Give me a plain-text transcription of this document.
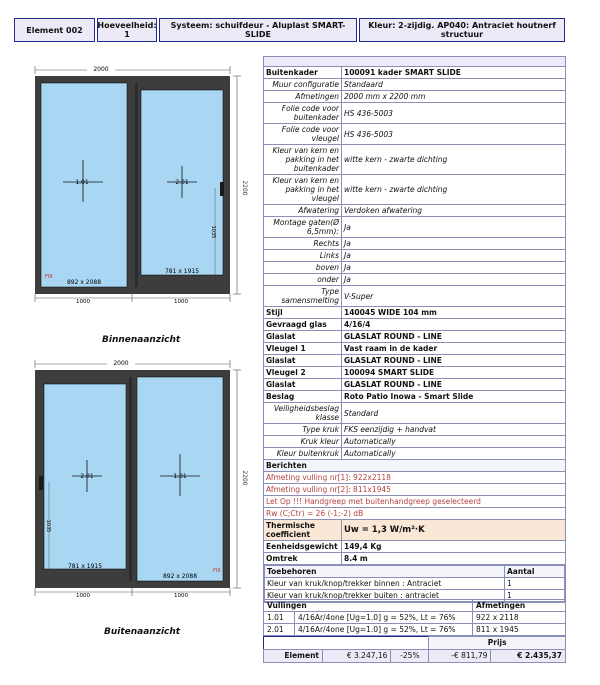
Element 002 Hoeveelheid:
1
Systeem: schuifdeur - Aluplast SMART-SLIDE
Kleur: 2-zijdig. AP040: Antraciet houtnerf structuur
2000
2200
1.01	2.01
892 x 2088
781 x 1915
FIX
1035
1000	1000
Binnenaanzicht
2000
2200
2.01	1.01
781 x 1915
892 x 2088
FIX
1035
1000	1000
Buitenaanzicht

Buitenkader	100091 kader SMART SLIDE
Muur configuratie	Standaard
Afmetingen	2000 mm x 2200 mm
Folie code voor buitenkader	HS 436-5003
Folie code voor vleugel	HS 436-5003
Kleur van kern en pakking in het buitenkader	witte kern - zwarte dichting
Kleur van kern en pakking in het vleugel	witte kern - zwarte dichting
Afwatering	Verdoken afwatering
Montage gaten(Ø 6,5mm):	Ja
Rechts	Ja
Links	Ja
boven	Ja
onder	Ja
Type samensmelting	V-Super
Stijl	140045 WIDE 104 mm
Gevraagd glas	4/16/4
Glaslat	GLASLAT ROUND - LINE
Vleugel 1	Vast raam in de kader
Glaslat	GLASLAT ROUND - LINE
Vleugel 2	100094 SMART SLIDE
Glaslat	GLASLAT ROUND - LINE
Beslag	Roto Patio Inowa - Smart Slide
Veiligheidsbeslag klasse	Standard
Type kruk	FKS eenzijdig + handvat
Kruk kleur	Automatically
Kleur buitenkruk	Automatically
Berichten
Afmeting vulling nr[1]: 922x2118
Afmeting vulling nr[2]: 811x1945
Let Op !!! Handgreep met buitenhandgreep geselecteerd
Rw (C;Ctr) = 26 (-1;-2) dB
Thermische coefficient	Uw = 1,3 W/m²·K
Eenheidsgewicht	149,4 Kg
Omtrek	8.4 m

Toebehoren	Aantal
Kleur van kruk/knop/trekker binnen : Antraciet	1
Kleur van kruk/knop/trekker buiten : antraciet	1
Vullingen		Afmetingen
1.01	4/16Ar/4one [Ug=1.0] g = 52%, Lt = 76%	922 x 2118
2.01	4/16Ar/4one [Ug=1.0] g = 52%, Lt = 76%	811 x 1945
			Prijs	
Element	€ 3.247,16	-25%	-€ 811,79	€ 2.435,37
